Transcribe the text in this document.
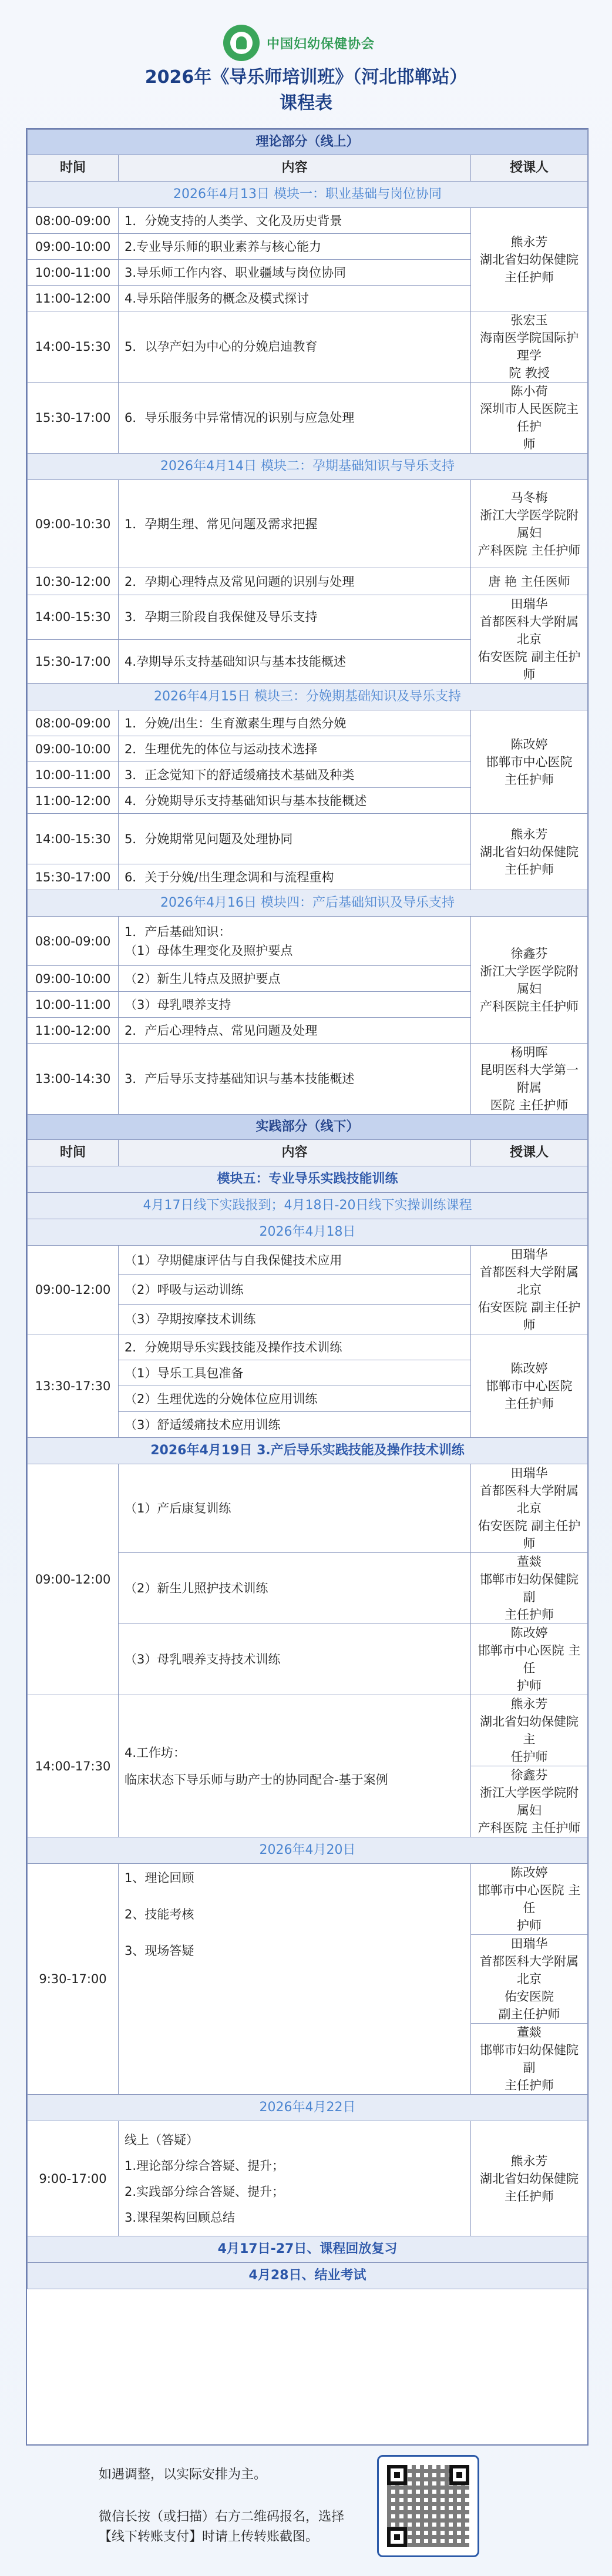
中国妇幼保健协会
2026年《导乐师培训班》（河北邯郸站）
课程表
理论部分（线上）		
时间	内容	授课人
2026年4月13日 模块一：职业基础与岗位协同		
08:00-09:00	1．分娩支持的人类学、文化及历史背景	熊永芳
湖北省妇幼保健院
主任护师

09:00-10:00	2.专业导乐师的职业素养与核心能力	
10:00-11:00	3.导乐师工作内容、职业疆域与岗位协同	
11:00-12:00	4.导乐陪伴服务的概念及模式探讨	
14:00-15:30	5．以孕产妇为中心的分娩启迪教育	张宏玉
海南医学院国际护理学
院 教授

15:30-17:00	6．导乐服务中异常情况的识别与应急处理	陈小荷
深圳市人民医院主任护
师

2026年4月14日 模块二：孕期基础知识与导乐支持		
09:00-10:30	1．孕期生理、常见问题及需求把握	马冬梅
浙江大学医学院附属妇
产科医院 主任护师

10:30-12:00	2．孕期心理特点及常见问题的识别与处理	唐 艳 主任医师
14:00-15:30	3．孕期三阶段自我保健及导乐支持	田瑞华
首都医科大学附属北京
佑安医院 副主任护师

15:30-17:00	4.孕期导乐支持基础知识与基本技能概述	
2026年4月15日 模块三：分娩期基础知识及导乐支持		
08:00-09:00	1．分娩/出生：生育激素生理与自然分娩	陈改婷
邯郸市中心医院
主任护师

09:00-10:00	2．生理优先的体位与运动技术选择	
10:00-11:00	3．正念觉知下的舒适缓痛技术基础及种类	
11:00-12:00	4．分娩期导乐支持基础知识与基本技能概述	
14:00-15:30	5．分娩期常见问题及处理协同	熊永芳
湖北省妇幼保健院
主任护师

15:30-17:00	6．关于分娩/出生理念调和与流程重构	
2026年4月16日 模块四：产后基础知识及导乐支持		
08:00-09:00	1．产后基础知识：
（1）母体生理变化及照护要点	徐鑫芬
浙江大学医学院附属妇
产科医院主任护师

09:00-10:00	（2）新生儿特点及照护要点	
10:00-11:00	（3）母乳喂养支持	
11:00-12:00	2．产后心理特点、常见问题及处理	
13:00-14:30	3．产后导乐支持基础知识与基本技能概述	杨明晖
昆明医科大学第一附属
医院 主任护师

实践部分（线下）		
时间	内容	授课人
模块五：专业导乐实践技能训练		
4月17日线下实践报到；4月18日-20日线下实操训练课程		
2026年4月18日		
09:00-12:00	（1）孕期健康评估与自我保健技术应用	田瑞华
首都医科大学附属北京
佑安医院 副主任护师

	（2）呼吸与运动训练	
	（3）孕期按摩技术训练	
13:30-17:30	2．分娩期导乐实践技能及操作技术训练	陈改婷
邯郸市中心医院
主任护师

	（1）导乐工具包准备	
	（2）生理优选的分娩体位应用训练	
	（3）舒适缓痛技术应用训练	
2026年4月19日 3.产后导乐实践技能及操作技术训练		
09:00-12:00	（1）产后康复训练	田瑞华
首都医科大学附属北京
佑安医院 副主任护师

	（2）新生儿照护技术训练	董燚
邯郸市妇幼保健院 副
主任护师

	（3）母乳喂养支持技术训练	陈改婷
邯郸市中心医院 主任
护师

14:00-17:30	4.工作坊：
临床状态下导乐师与助产士的协同配合-基于案例	熊永芳
湖北省妇幼保健院 主
任护师

		徐鑫芬
浙江大学医学院附属妇
产科医院 主任护师

2026年4月20日		
9:30-17:00	1、理论回顾
2、技能考核
3、现场答疑	陈改婷
邯郸市中心医院 主任
护师

		田瑞华
首都医科大学附属北京
佑安医院
副主任护师

		董燚
邯郸市妇幼保健院 副
主任护师

2026年4月22日		
9:00-17:00	线上（答疑）
1.理论部分综合答疑、提升；
2.实践部分综合答疑、提升；
3.课程架构回顾总结	熊永芳
湖北省妇幼保健院
主任护师

4月17日-27日、课程回放复习		
4月28日、结业考试		
如遇调整，以实际安排为主。
微信长按（或扫描）右方二维码报名，选择
【线下转账支付】时请上传转账截图。
